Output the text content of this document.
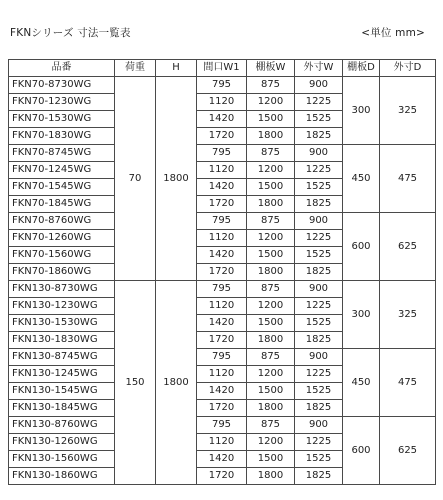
FKNシリーズ 寸法一覧表	<単位 mm>
品番	荷重	H	間口W1	棚板W	外寸W	棚板D	外寸D
FKN70-8730WG	70	1800	795	875	900	300	325
FKN70-1230WG			1120	1200	1225		
FKN70-1530WG			1420	1500	1525		
FKN70-1830WG			1720	1800	1825		
FKN70-8745WG			795	875	900	450	475
FKN70-1245WG			1120	1200	1225		
FKN70-1545WG			1420	1500	1525		
FKN70-1845WG			1720	1800	1825		
FKN70-8760WG			795	875	900	600	625
FKN70-1260WG			1120	1200	1225		
FKN70-1560WG			1420	1500	1525		
FKN70-1860WG			1720	1800	1825		
FKN130-8730WG	150	1800	795	875	900	300	325
FKN130-1230WG			1120	1200	1225		
FKN130-1530WG			1420	1500	1525		
FKN130-1830WG			1720	1800	1825		
FKN130-8745WG			795	875	900	450	475
FKN130-1245WG			1120	1200	1225		
FKN130-1545WG			1420	1500	1525		
FKN130-1845WG			1720	1800	1825		
FKN130-8760WG			795	875	900	600	625
FKN130-1260WG			1120	1200	1225		
FKN130-1560WG			1420	1500	1525		
FKN130-1860WG			1720	1800	1825		
